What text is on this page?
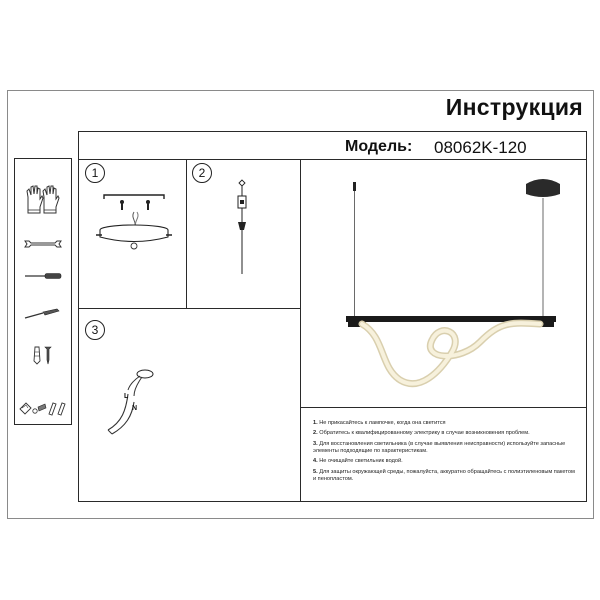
Инструкция
Модель: 08062K-120
1	2
3
L
N

1. Не прикасайтесь к лампочке, когда она светится

2. Обратитесь к квалифицированному электрику в случае возникновения проблем.

3. Для восстановления светильника (в случае выявления неисправности) используйте запасные элементы подходящие по характеристикам.

4. Не очищайте светильник водой.

5. Для защиты окружающей среды, пожалуйста, аккуратно обращайтесь с полиэтиленовым пакетом и пенопластом.
